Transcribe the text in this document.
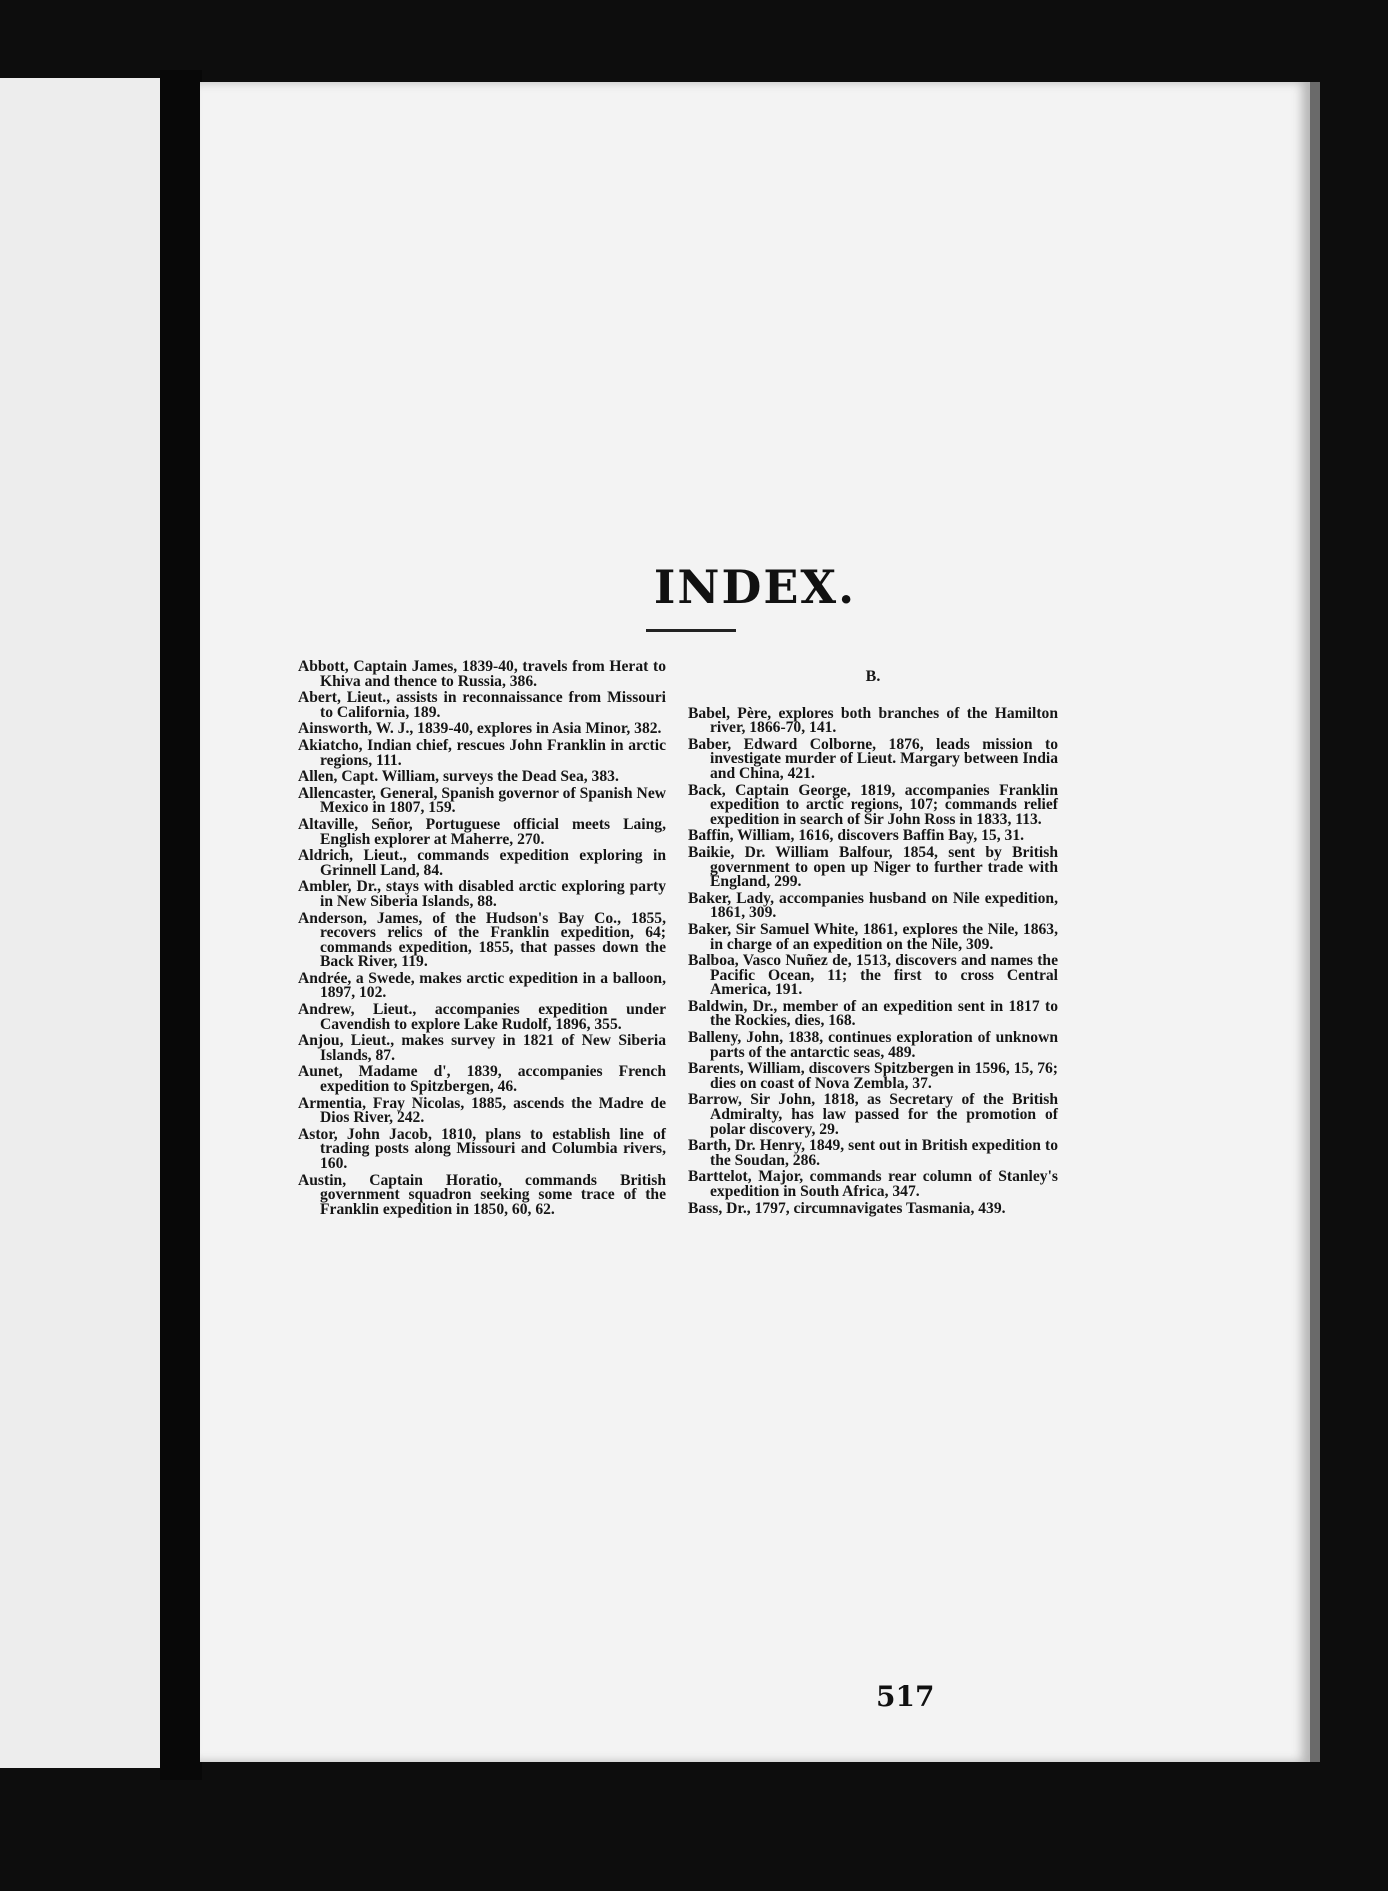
INDEX.
Abbott, Captain James, 1839-40, travels from Herat to Khiva and thence to Russia, 386.
Abert, Lieut., assists in reconnaissance from Missouri to California, 189.
Ainsworth, W. J., 1839-40, explores in Asia Minor, 382.
Akiatcho, Indian chief, rescues John Franklin in arctic regions, 111.
Allen, Capt. William, surveys the Dead Sea, 383.
Allencaster, General, Spanish governor of Spanish New Mexico in 1807, 159.
Altaville, Señor, Portuguese official meets Laing, English explorer at Maherre, 270.
Aldrich, Lieut., commands expedition exploring in Grinnell Land, 84.
Ambler, Dr., stays with disabled arctic exploring party in New Siberia Islands, 88.
Anderson, James, of the Hudson's Bay Co., 1855, recovers relics of the Franklin expedition, 64; commands expedition, 1855, that passes down the Back River, 119.
Andrée, a Swede, makes arctic expedition in a balloon, 1897, 102.
Andrew, Lieut., accompanies expedition under Cavendish to explore Lake Rudolf, 1896, 355.
Anjou, Lieut., makes survey in 1821 of New Siberia Islands, 87.
Aunet, Madame d', 1839, accompanies French expedition to Spitzbergen, 46.
Armentia, Fray Nicolas, 1885, ascends the Madre de Dios River, 242.
Astor, John Jacob, 1810, plans to establish line of trading posts along Missouri and Columbia rivers, 160.
Austin, Captain Horatio, commands British government squadron seeking some trace of the Franklin expedition in 1850, 60, 62.
B.
Babel, Père, explores both branches of the Hamilton river, 1866-70, 141.
Baber, Edward Colborne, 1876, leads mission to investigate murder of Lieut. Margary between India and China, 421.
Back, Captain George, 1819, accompanies Franklin expedition to arctic regions, 107; commands relief expedition in search of Sir John Ross in 1833, 113.
Baffin, William, 1616, discovers Baffin Bay, 15, 31.
Baikie, Dr. William Balfour, 1854, sent by British government to open up Niger to further trade with England, 299.
Baker, Lady, accompanies husband on Nile expedition, 1861, 309.
Baker, Sir Samuel White, 1861, explores the Nile, 1863, in charge of an expedition on the Nile, 309.
Balboa, Vasco Nuñez de, 1513, discovers and names the Pacific Ocean, 11; the first to cross Central America, 191.
Baldwin, Dr., member of an expedition sent in 1817 to the Rockies, dies, 168.
Balleny, John, 1838, continues exploration of unknown parts of the antarctic seas, 489.
Barents, William, discovers Spitzbergen in 1596, 15, 76; dies on coast of Nova Zembla, 37.
Barrow, Sir John, 1818, as Secretary of the British Admiralty, has law passed for the promotion of polar discovery, 29.
Barth, Dr. Henry, 1849, sent out in British expedition to the Soudan, 286.
Barttelot, Major, commands rear column of Stanley's expedition in South Africa, 347.
Bass, Dr., 1797, circumnavigates Tasmania, 439.
517
